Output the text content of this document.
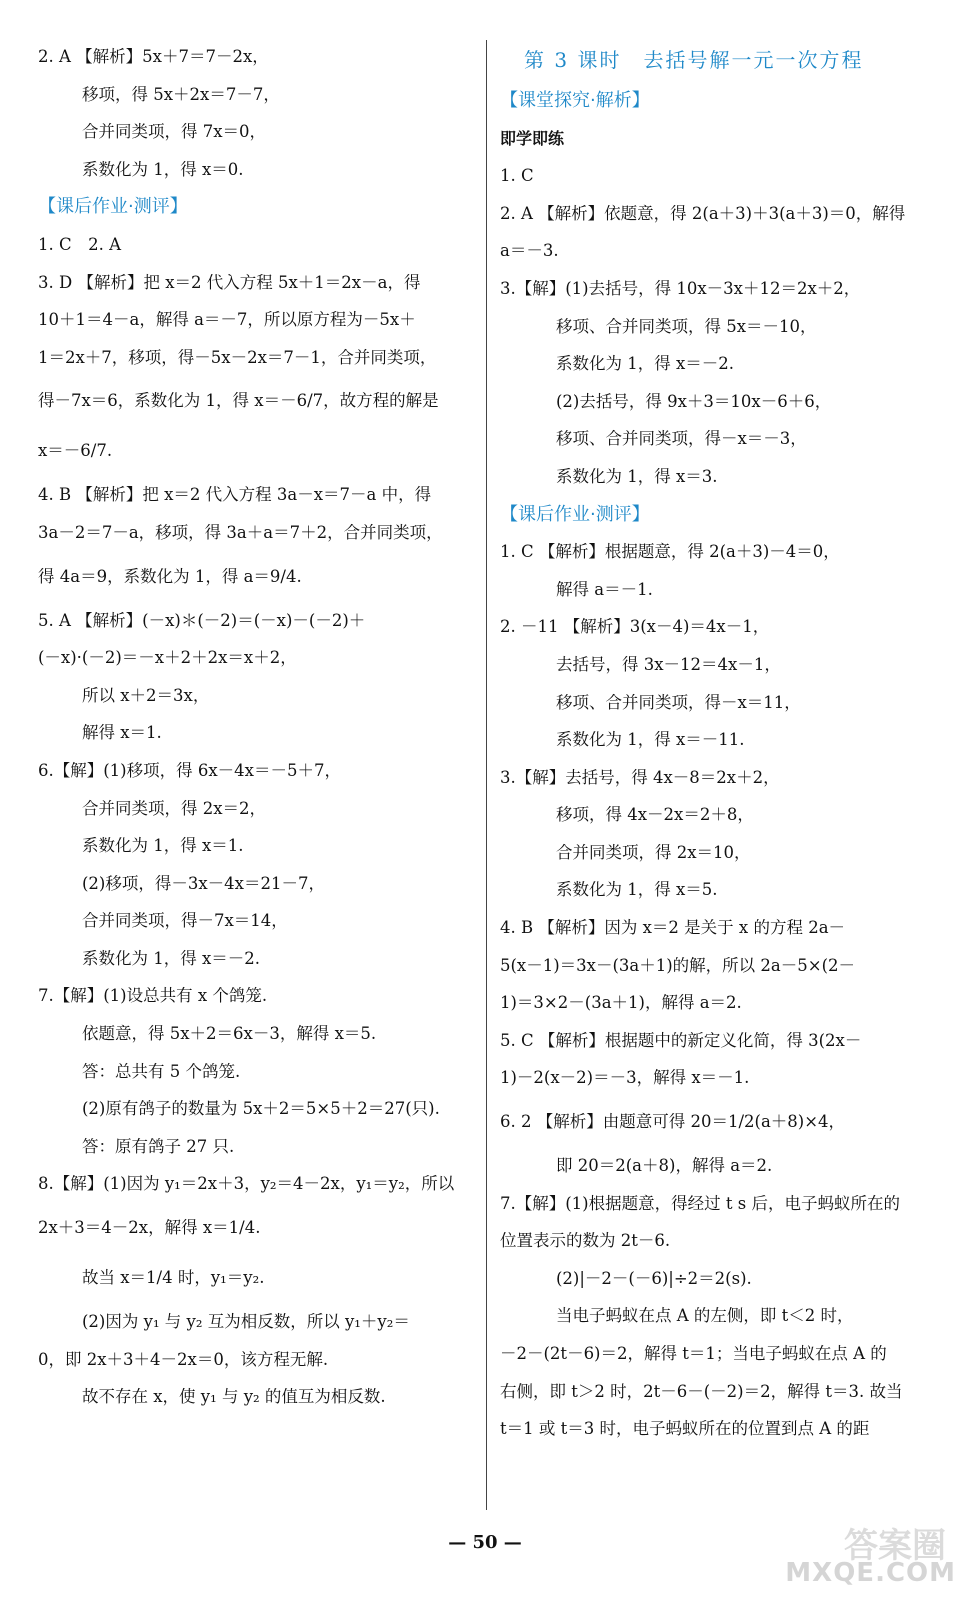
2. A 【解析】5x＋7＝7－2x，
移项，得 5x＋2x＝7－7，
合并同类项，得 7x＝0，
系数化为 1，得 x＝0.
【课后作业·测评】
1. C　2. A
3. D 【解析】把 x＝2 代入方程 5x＋1＝2x－a，得
10＋1＝4－a，解得 a＝－7，所以原方程为－5x＋
1＝2x＋7，移项，得－5x－2x＝7－1，合并同类项，
得－7x＝6，系数化为 1，得 x＝－6/7，故方程的解是
x＝－6/7.
4. B 【解析】把 x＝2 代入方程 3a－x＝7－a 中，得
3a－2＝7－a，移项，得 3a＋a＝7＋2，合并同类项，
得 4a＝9，系数化为 1，得 a＝9/4.
5. A 【解析】(－x)＊(－2)＝(－x)－(－2)＋
(－x)·(－2)＝－x＋2＋2x＝x＋2，
所以 x＋2＝3x，
解得 x＝1.
6.【解】(1)移项，得 6x－4x＝－5＋7，
合并同类项，得 2x＝2，
系数化为 1，得 x＝1.
(2)移项，得－3x－4x＝21－7，
合并同类项，得－7x＝14，
系数化为 1，得 x＝－2.
7.【解】(1)设总共有 x 个鸽笼.
依题意，得 5x＋2＝6x－3，解得 x＝5.
答：总共有 5 个鸽笼.
(2)原有鸽子的数量为 5x＋2＝5×5＋2＝27(只).
答：原有鸽子 27 只.
8.【解】(1)因为 y₁＝2x＋3，y₂＝4－2x，y₁＝y₂，所以
2x＋3＝4－2x，解得 x＝1/4.
故当 x＝1/4 时，y₁＝y₂.
(2)因为 y₁ 与 y₂ 互为相反数，所以 y₁＋y₂＝
0，即 2x＋3＋4－2x＝0，该方程无解.
故不存在 x，使 y₁ 与 y₂ 的值互为相反数.
第 3 课时　去括号解一元一次方程
【课堂探究·解析】
即学即练
1. C
2. A 【解析】依题意，得 2(a＋3)＋3(a＋3)＝0，解得
a＝－3.
3.【解】(1)去括号，得 10x－3x＋12＝2x＋2，
移项、合并同类项，得 5x＝－10，
系数化为 1，得 x＝－2.
(2)去括号，得 9x＋3＝10x－6＋6，
移项、合并同类项，得－x＝－3，
系数化为 1，得 x＝3.
【课后作业·测评】
1. C 【解析】根据题意，得 2(a＋3)－4＝0，
解得 a＝－1.
2. －11 【解析】3(x－4)＝4x－1，
去括号，得 3x－12＝4x－1，
移项、合并同类项，得－x＝11，
系数化为 1，得 x＝－11.
3.【解】去括号，得 4x－8＝2x＋2，
移项，得 4x－2x＝2＋8，
合并同类项，得 2x＝10，
系数化为 1，得 x＝5.
4. B 【解析】因为 x＝2 是关于 x 的方程 2a－
5(x－1)＝3x－(3a＋1)的解，所以 2a－5×(2－
1)＝3×2－(3a＋1)，解得 a＝2.
5. C 【解析】根据题中的新定义化简，得 3(2x－
1)－2(x－2)＝－3，解得 x＝－1.
6. 2 【解析】由题意可得 20＝1/2(a＋8)×4，
即 20＝2(a＋8)，解得 a＝2.
7.【解】(1)根据题意，得经过 t s 后，电子蚂蚁所在的
位置表示的数为 2t－6.
(2)|－2－(－6)|÷2＝2(s).
当电子蚂蚁在点 A 的左侧，即 t＜2 时，
－2－(2t－6)＝2，解得 t＝1；当电子蚂蚁在点 A 的
右侧，即 t＞2 时，2t－6－(－2)＝2，解得 t＝3. 故当
t＝1 或 t＝3 时，电子蚂蚁所在的位置到点 A 的距
— 50 —	答案圈
MXQE.COM
